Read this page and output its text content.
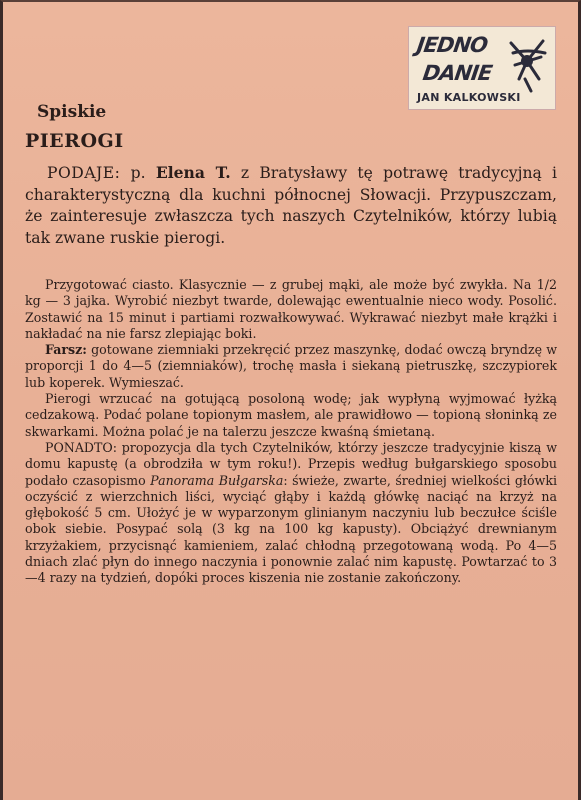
JEDNO
DANIE
JAN KALKOWSKI
Spiskie
PIEROGI

PODAJE: p. Elena T. z Bratysławy tę potrawę tradycyjną i charakterystyczną dla kuchni północnej Słowacji. Przypuszczam, że zainteresuje zwłaszcza tych naszych Czytelników, którzy lubią tak zwane ruskie pierogi.

Przygotować ciasto. Klasycznie — z grubej mąki, ale może być zwykła. Na 1/2 kg — 3 jajka. Wyrobić niezbyt twarde, dolewając ewentualnie nieco wody. Posolić. Zostawić na 15 minut i partiami rozwałkowywać. Wykrawać niezbyt małe krążki i nakładać na nie farsz zlepiając boki.

Farsz: gotowane ziemniaki przekręcić przez maszynkę, dodać owczą bryndzę w proporcji 1 do 4—5 (ziemniaków), trochę masła i siekaną pietruszkę, szczypiorek lub koperek. Wymieszać.

Pierogi wrzucać na gotującą posoloną wodę; jak wypłyną wyjmować łyżką cedzakową. Podać polane topionym masłem, ale prawidłowo — topioną słoninką ze skwarkami. Można polać je na talerzu jeszcze kwaśną śmietaną.

PONADTO: propozycja dla tych Czytelników, którzy jeszcze tradycyjnie kiszą w domu kapustę (a obrodziła w tym roku!). Przepis według bułgarskiego sposobu podało czasopismo Panorama Bułgarska: świeże, zwarte, średniej wielkości główki oczyścić z wierzchnich liści, wyciąć głąby i każdą główkę naciąć na krzyż na głębokość 5 cm. Ułożyć je w wyparzonym glinianym naczyniu lub beczułce ściśle obok siebie. Posypać solą (3 kg na 100 kg kapusty). Obciążyć drewnianym krzyżakiem, przycisnąć kamieniem, zalać chłodną przegotowaną wodą. Po 4—5 dniach zlać płyn do innego naczynia i ponownie zalać nim kapustę. Powtarzać to 3—4 razy na tydzień, dopóki proces kiszenia nie zostanie zakończony.
